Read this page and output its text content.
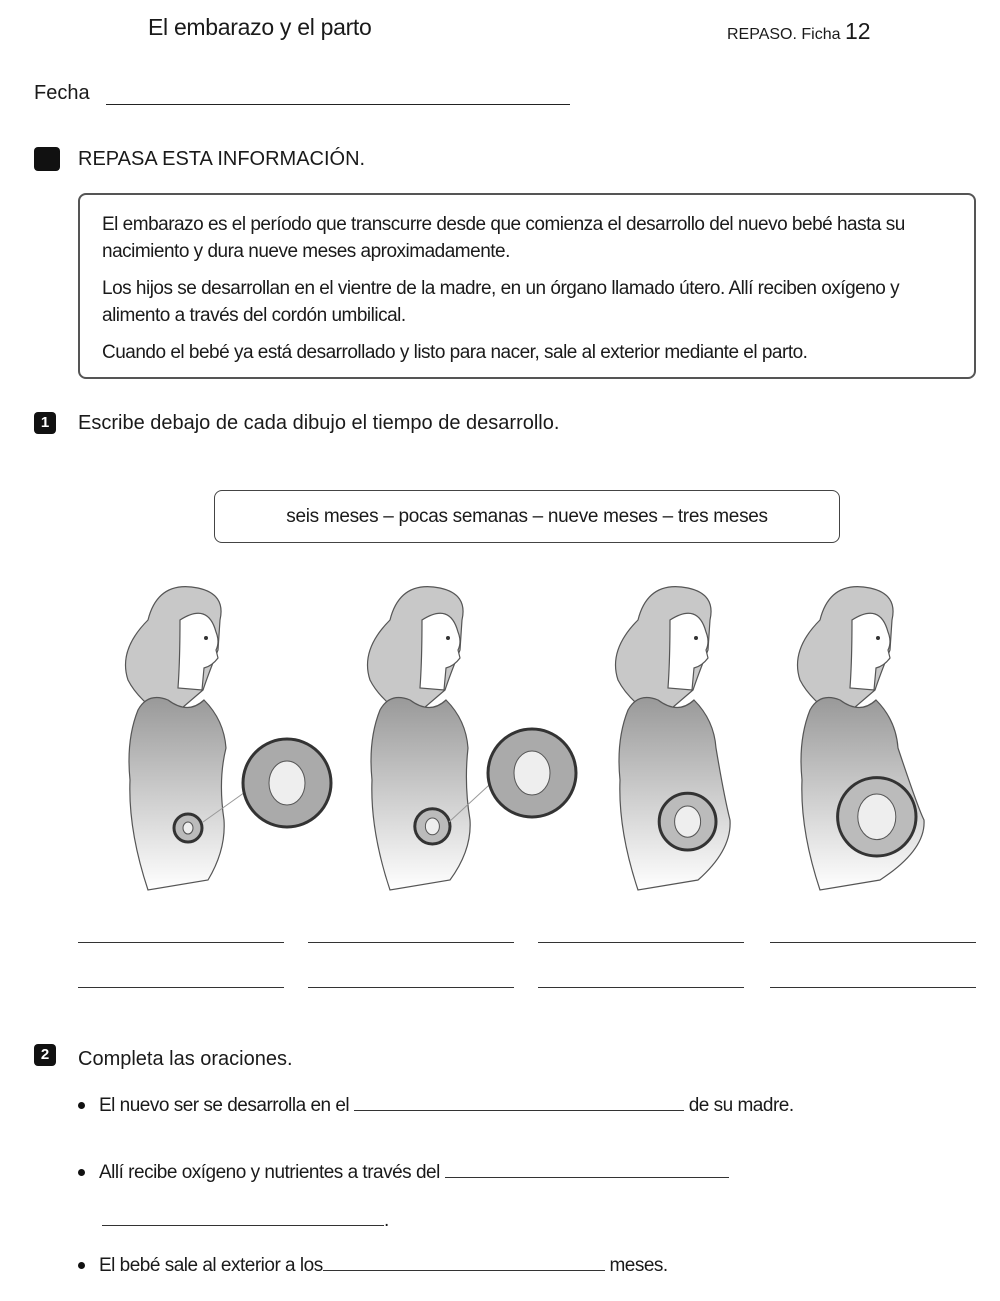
El embarazo y el parto	REPASO. Ficha 12
Fecha
REPASA ESTA INFORMACIÓN.

El embarazo es el período que transcurre desde que comienza el desarrollo del nuevo bebé hasta su nacimiento y dura nueve meses aproximadamente.

Los hijos se desarrollan en el vientre de la madre, en un órgano llamado útero. Allí reciben oxígeno y alimento a través del cordón umbilical.

Cuando el bebé ya está desarrollado y listo para nacer, sale al exterior mediante el parto.

1	Escribe debajo de cada dibujo el tiempo de desarrollo.
seis meses – pocas semanas – nueve meses – tres meses
2	Completa las oraciones.
El nuevo ser se desarrolla en el	de su madre.
Allí recibe oxígeno y nutrientes a través del
.
El bebé sale al exterior a los	meses.
